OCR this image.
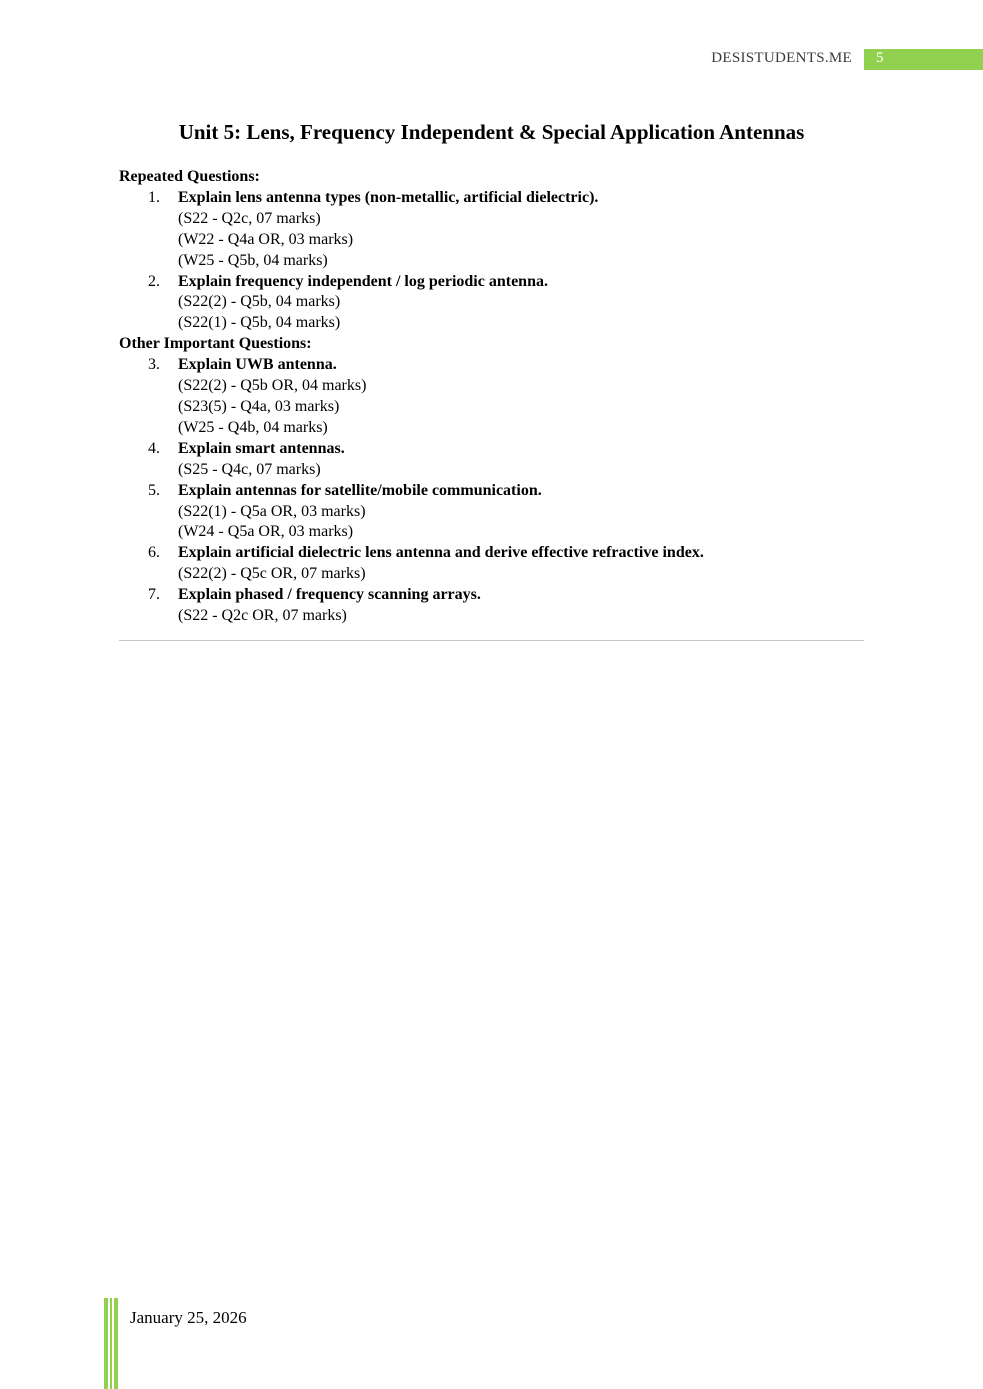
DESISTUDENTS.ME 5
Unit 5: Lens, Frequency Independent & Special Application Antennas
Repeated Questions:
1. Explain lens antenna types (non-metallic, artificial dielectric).
(S22 - Q2c, 07 marks)
(W22 - Q4a OR, 03 marks)
(W25 - Q5b, 04 marks)
2. Explain frequency independent / log periodic antenna.
(S22(2) - Q5b, 04 marks)
(S22(1) - Q5b, 04 marks)
Other Important Questions:
3. Explain UWB antenna.
(S22(2) - Q5b OR, 04 marks)
(S23(5) - Q4a, 03 marks)
(W25 - Q4b, 04 marks)
4. Explain smart antennas.
(S25 - Q4c, 07 marks)
5. Explain antennas for satellite/mobile communication.
(S22(1) - Q5a OR, 03 marks)
(W24 - Q5a OR, 03 marks)
6. Explain artificial dielectric lens antenna and derive effective refractive index.
(S22(2) - Q5c OR, 07 marks)
7. Explain phased / frequency scanning arrays.
(S22 - Q2c OR, 07 marks)
January 25, 2026
